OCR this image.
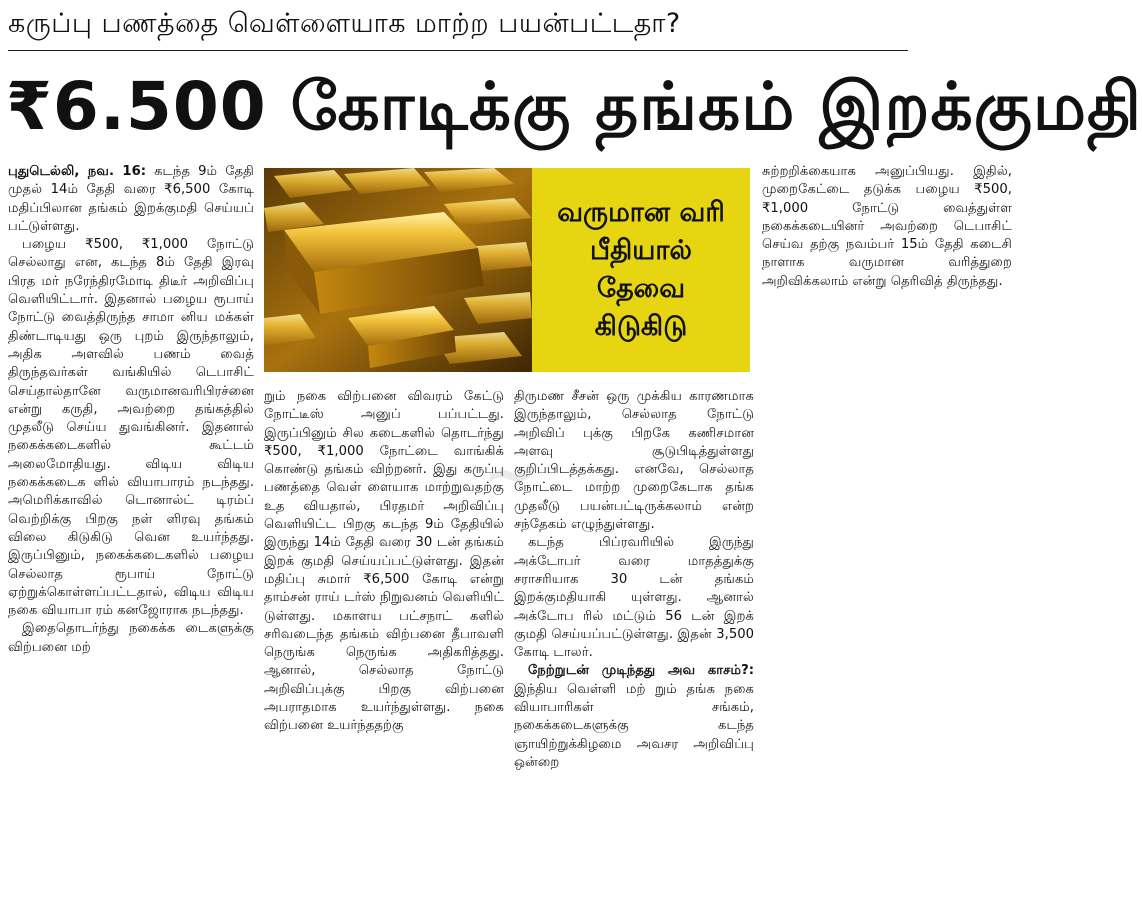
கருப்பு பணத்தை வெள்ளையாக மாற்ற பயன்பட்டதா?
₹6.500 கோடிக்கு தங்கம் இறக்குமதி

புதுடெல்லி, நவ. 16: கடந்த 9ம் தேதி முதல் 14ம் தேதி வரை ₹6,500 கோடி மதிப்பிலான தங்கம் இறக்குமதி செய்யப் பட்டுள்ளது.

பழைய ₹500, ₹1,000 நோட்டு செல்லாது என, கடந்த 8ம் தேதி இரவு பிரத மர் நரேந்திரமோடி திடீர் அறிவிப்பு வெளியிட்டார். இதனால் பழைய ரூபாய் நோட்டு வைத்திருந்த சாமா னிய மக்கள் திண்டாடியது ஒரு புறம் இருந்தாலும், அதிக அளவில் பணம் வைத் திருந்தவர்கள் வங்கியில் டெபாசிட் செய்தால்தானே வருமானவரிபிரச்னை என்று கருதி, அவற்றை தங்கத்தில் முதலீடு செய்ய துவங்கினர். இதனால் நகைக்கடைகளில் கூட்டம் அலைமோதியது. விடிய விடிய நகைக்கடைக ளில் வியாபாரம் நடந்தது. அமெரிக்காவில் டொனால்ட் டிரம்ப் வெற்றிக்கு பிறகு நள் ளிரவு தங்கம் விலை கிடுகிடு வென உயர்ந்தது. இருப்பினும், நகைக்கடைகளில் பழைய செல்லாத ரூபாய் நோட்டு ஏற்றுக்கொள்ளப்பட்டதால், விடிய விடிய நகை வியாபா ரம் கனஜோராக நடந்தது.

இதைதொடர்ந்து நகைக்க டைகளுக்கு விற்பனை மற்

வருமான வரி
பீதியால்
தேவை
கிடுகிடு

றும் நகை விற்பனை விவரம் கேட்டு நோட்டீஸ் அனுப் பப்பட்டது. இருப்பினும் சில கடைகளில் தொடர்ந்து ₹500, ₹1,000 நோட்டை வாங்கிக் கொண்டு தங்கம் விற்றனர். இது கருப்பு பணத்தை வெள் ளையாக மாற்றுவதற்கு உத வியதால், பிரதமர் அறிவிப்பு வெளியிட்ட பிறகு கடந்த 9ம் தேதியில் இருந்து 14ம் தேதி வரை 30 டன் தங்கம் இறக் குமதி செய்யப்பட்டுள்ளது. இதன் மதிப்பு சுமார் ₹6,500 கோடி என்று தாம்சன் ராய் டர்ஸ் நிறுவனம் வெளியிட் டுள்ளது. மகாளய பட்சநாட் களில் சரிவடைந்த தங்கம் விற்பனை தீபாவளி நெருங்க நெருங்க அதிகரித்தது. ஆனால், செல்லாத நோட்டு அறிவிப்புக்கு பிறகு விற்பனை அபராதமாக உயர்ந்துள்ளது. நகை விற்பனை உயர்ந்ததற்கு

திருமண சீசன் ஒரு முக்கிய காரணமாக இருந்தாலும், செல்லாத நோட்டு அறிவிப் புக்கு பிறகே கணிசமான அளவு சூடுபிடித்துள்ளது குறிப்பிடத்தக்கது. எனவே, செல்லாத நோட்டை மாற்ற முறைகேடாக தங்க முதலீடு பயன்பட்டிருக்கலாம் என்ற சந்தேகம் எழுந்துள்ளது.

கடந்த பிப்ரவரியில் இருந்து அக்டோபர் வரை மாதத்துக்கு சராசரியாக 30 டன் தங்கம் இறக்குமதியாகி யுள்ளது. ஆனால் அக்டோப ரில் மட்டும் 56 டன் இறக் குமதி செய்யப்பட்டுள்ளது. இதன் 3,500 கோடி டாலர்.

நேற்றுடன் முடிந்தது அவ காசம்?: இந்திய வெள்ளி மற் றும் தங்க நகை வியாபாரிகள் சங்கம், நகைக்கடைகளுக்கு கடந்த ஞாயிற்றுக்கிழமை அவசர அறிவிப்பு ஒன்றை

சுற்றறிக்கையாக அனுப்பியது. இதில், முறைகேட்டை தடுக்க பழைய ₹500, ₹1,000 நோட்டு வைத்துள்ள நகைக்கடையினர் அவற்றை டெபாசிட் செய்வ தற்கு நவம்பர் 15ம் தேதி கடைசி நாளாக வருமான வரித்துறை அறிவிக்கலாம் என்று தெரிவித் திருந்தது.

~
